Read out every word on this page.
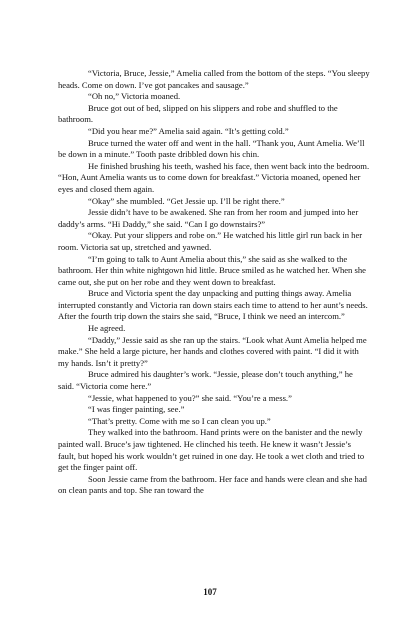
“Victoria, Bruce, Jessie,” Amelia called from the bottom of the steps. “You sleepy heads. Come on down. I’ve got pancakes and sausage.”

“Oh no,” Victoria moaned.

Bruce got out of bed, slipped on his slippers and robe and shuffled to the bathroom.

“Did you hear me?” Amelia said again. “It’s getting cold.”

Bruce turned the water off and went in the hall. “Thank you, Aunt Amelia. We’ll be down in a minute.” Tooth paste dribbled down his chin.

He finished brushing his teeth, washed his face, then went back into the bedroom. “Hon, Aunt Amelia wants us to come down for breakfast.” Victoria moaned, opened her eyes and closed them again.

“Okay” she mumbled. “Get Jessie up. I’ll be right there.”

Jessie didn’t have to be awakened. She ran from her room and jumped into her daddy’s arms. “Hi Daddy,” she said. “Can I go downstairs?”

“Okay. Put your slippers and robe on.” He watched his little girl run back in her room. Victoria sat up, stretched and yawned.

“I’m going to talk to Aunt Amelia about this,” she said as she walked to the bathroom. Her thin white nightgown hid little. Bruce smiled as he watched her. When she came out, she put on her robe and they went down to breakfast.

Bruce and Victoria spent the day unpacking and putting things away. Amelia interrupted constantly and Victoria ran down stairs each time to attend to her aunt’s needs. After the fourth trip down the stairs she said, “Bruce, I think we need an intercom.”

He agreed.

“Daddy,” Jessie said as she ran up the stairs. “Look what Aunt Amelia helped me make.” She held a large picture, her hands and clothes covered with paint. “I did it with my hands. Isn’t it pretty?”

Bruce admired his daughter’s work. “Jessie, please don’t touch anything,” he said. “Victoria come here.”

“Jessie, what happened to you?” she said. “You’re a mess.”

“I was finger painting, see.”

“That’s pretty. Come with me so I can clean you up.”

They walked into the bathroom. Hand prints were on the banister and the newly painted wall. Bruce’s jaw tightened. He clinched his teeth. He knew it wasn’t Jessie’s fault, but hoped his work wouldn’t get ruined in one day. He took a wet cloth and tried to get the finger paint off.

Soon Jessie came from the bathroom. Her face and hands were clean and she had on clean pants and top. She ran toward the

107
